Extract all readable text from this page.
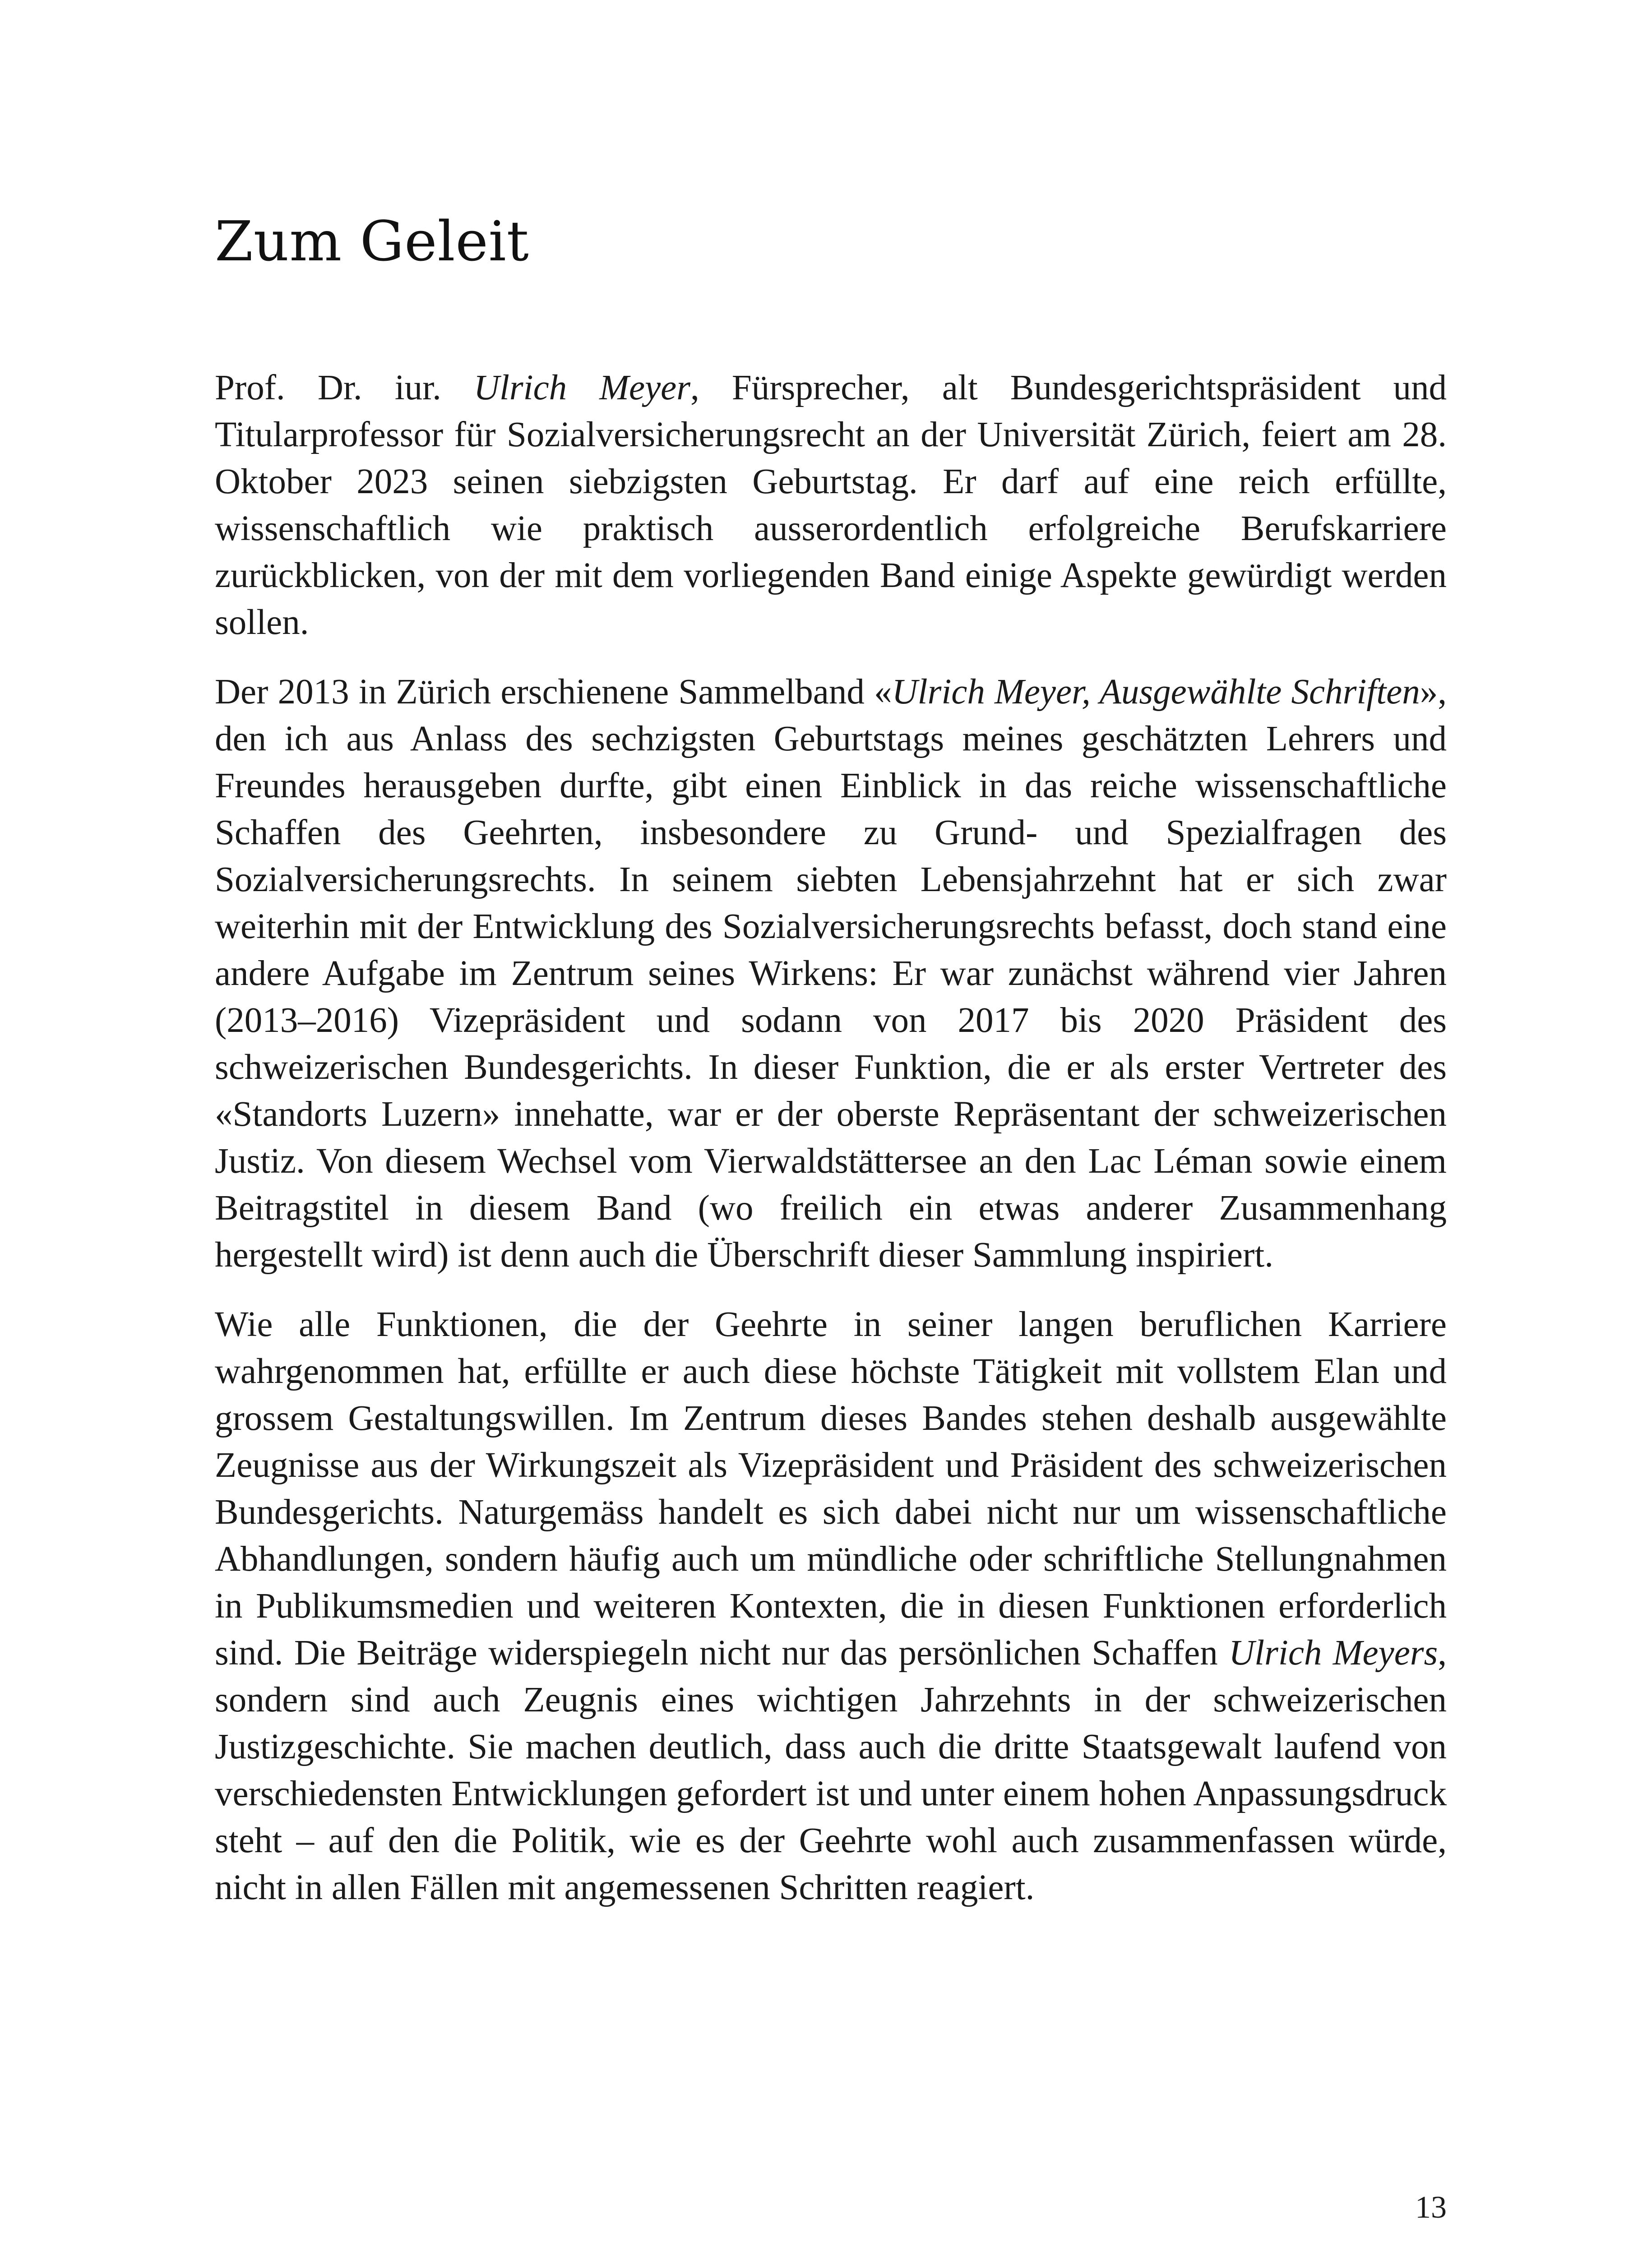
Zum Geleit

Prof. Dr. iur. Ulrich Meyer, Fürsprecher, alt Bundesgerichtspräsident und Titularprofessor für Sozialversicherungsrecht an der Universität Zürich, feiert am 28. Oktober 2023 seinen siebzigsten Geburtstag. Er darf auf eine reich erfüllte, wissenschaftlich wie praktisch ausserordentlich erfolgreiche Berufskarriere zurückblicken, von der mit dem vorliegenden Band einige Aspekte gewürdigt werden sollen.

Der 2013 in Zürich erschienene Sammelband «Ulrich Meyer, Ausgewählte Schriften», den ich aus Anlass des sechzigsten Geburtstags meines geschätzten Lehrers und Freundes herausgeben durfte, gibt einen Einblick in das reiche wissenschaftliche Schaffen des Geehrten, insbesondere zu Grund- und Spezialfragen des Sozialversicherungsrechts. In seinem siebten Lebensjahrzehnt hat er sich zwar weiterhin mit der Entwicklung des Sozialversicherungsrechts befasst, doch stand eine andere Aufgabe im Zentrum seines Wirkens: Er war zunächst während vier Jahren (2013–2016) Vizepräsident und sodann von 2017 bis 2020 Präsident des schweizerischen Bundesgerichts. In dieser Funktion, die er als erster Vertreter des «Standorts Luzern» innehatte, war er der oberste Repräsentant der schweizerischen Justiz. Von diesem Wechsel vom Vierwaldstättersee an den Lac Léman sowie einem Beitragstitel in diesem Band (wo freilich ein etwas anderer Zusammenhang hergestellt wird) ist denn auch die Überschrift dieser Sammlung inspiriert.

Wie alle Funktionen, die der Geehrte in seiner langen beruflichen Karriere wahrgenommen hat, erfüllte er auch diese höchste Tätigkeit mit vollstem Elan und grossem Gestaltungswillen. Im Zentrum dieses Bandes stehen deshalb ausgewählte Zeugnisse aus der Wirkungszeit als Vizepräsident und Präsident des schweizerischen Bundesgerichts. Naturgemäss handelt es sich dabei nicht nur um wissenschaftliche Abhandlungen, sondern häufig auch um mündliche oder schriftliche Stellungnahmen in Publikumsmedien und weiteren Kontexten, die in diesen Funktionen erforderlich sind. Die Beiträge widerspiegeln nicht nur das persönlichen Schaffen Ulrich Meyers, sondern sind auch Zeugnis eines wichtigen Jahrzehnts in der schweizerischen Justizgeschichte. Sie machen deutlich, dass auch die dritte Staatsgewalt laufend von verschiedensten Entwicklungen gefordert ist und unter einem hohen Anpassungsdruck steht – auf den die Politik, wie es der Geehrte wohl auch zusammenfassen würde, nicht in allen Fällen mit angemessenen Schritten reagiert.

13
